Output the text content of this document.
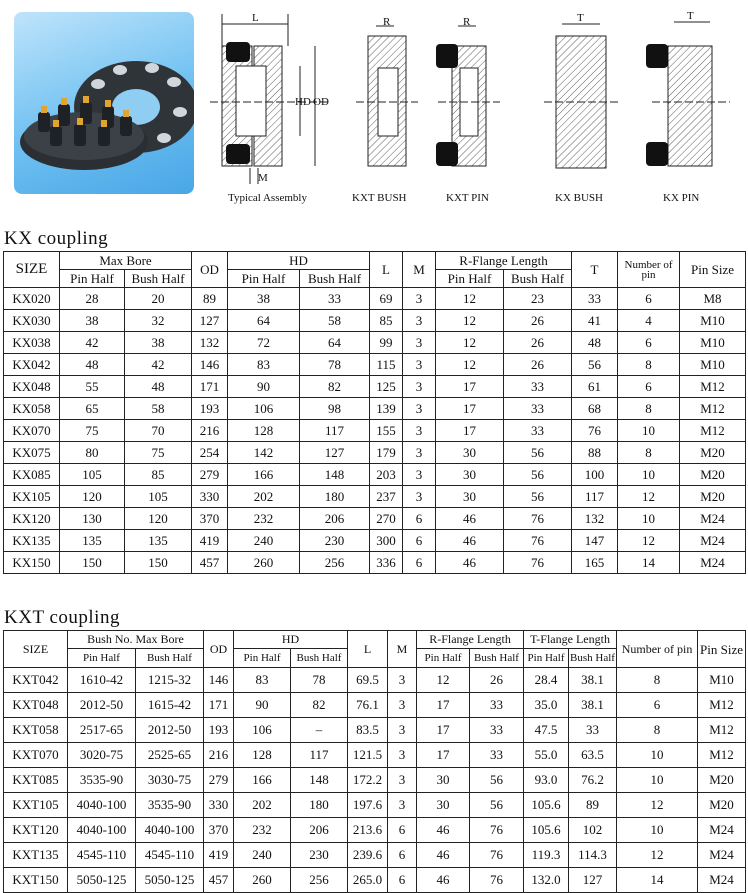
L	R	R	T	T
HD OD
M
Typical Assembly	KXT BUSH	KXT PIN	KX BUSH	KX PIN
KX coupling
SIZE	Max Bore		OD	HD		L	M	R-Flange Length		T	Number of pin	Pin Size
	Pin Half	Bush Half		Pin Half	Bush Half			Pin Half	Bush Half			
KX020	28	20	89	38	33	69	3	12	23	33	6	M8
KX030	38	32	127	64	58	85	3	12	26	41	4	M10
KX038	42	38	132	72	64	99	3	12	26	48	6	M10
KX042	48	42	146	83	78	115	3	12	26	56	8	M10
KX048	55	48	171	90	82	125	3	17	33	61	6	M12
KX058	65	58	193	106	98	139	3	17	33	68	8	M12
KX070	75	70	216	128	117	155	3	17	33	76	10	M12
KX075	80	75	254	142	127	179	3	30	56	88	8	M20
KX085	105	85	279	166	148	203	3	30	56	100	10	M20
KX105	120	105	330	202	180	237	3	30	56	117	12	M20
KX120	130	120	370	232	206	270	6	46	76	132	10	M24
KX135	135	135	419	240	230	300	6	46	76	147	12	M24
KX150	150	150	457	260	256	336	6	46	76	165	14	M24
KXT coupling
SIZE	Bush No. Max Bore		OD	HD		L	M	R-Flange Length		T-Flange Length		Number of pin	Pin Size
	Pin Half	Bush Half		Pin Half	Bush Half			Pin Half	Bush Half	Pin Half	Bush Half		
KXT042	1610-42	1215-32	146	83	78	69.5	3	12	26	28.4	38.1	8	M10
KXT048	2012-50	1615-42	171	90	82	76.1	3	17	33	35.0	38.1	6	M12
KXT058	2517-65	2012-50	193	106	–	83.5	3	17	33	47.5	33	8	M12
KXT070	3020-75	2525-65	216	128	117	121.5	3	17	33	55.0	63.5	10	M12
KXT085	3535-90	3030-75	279	166	148	172.2	3	30	56	93.0	76.2	10	M20
KXT105	4040-100	3535-90	330	202	180	197.6	3	30	56	105.6	89	12	M20
KXT120	4040-100	4040-100	370	232	206	213.6	6	46	76	105.6	102	10	M24
KXT135	4545-110	4545-110	419	240	230	239.6	6	46	76	119.3	114.3	12	M24
KXT150	5050-125	5050-125	457	260	256	265.0	6	46	76	132.0	127	14	M24
